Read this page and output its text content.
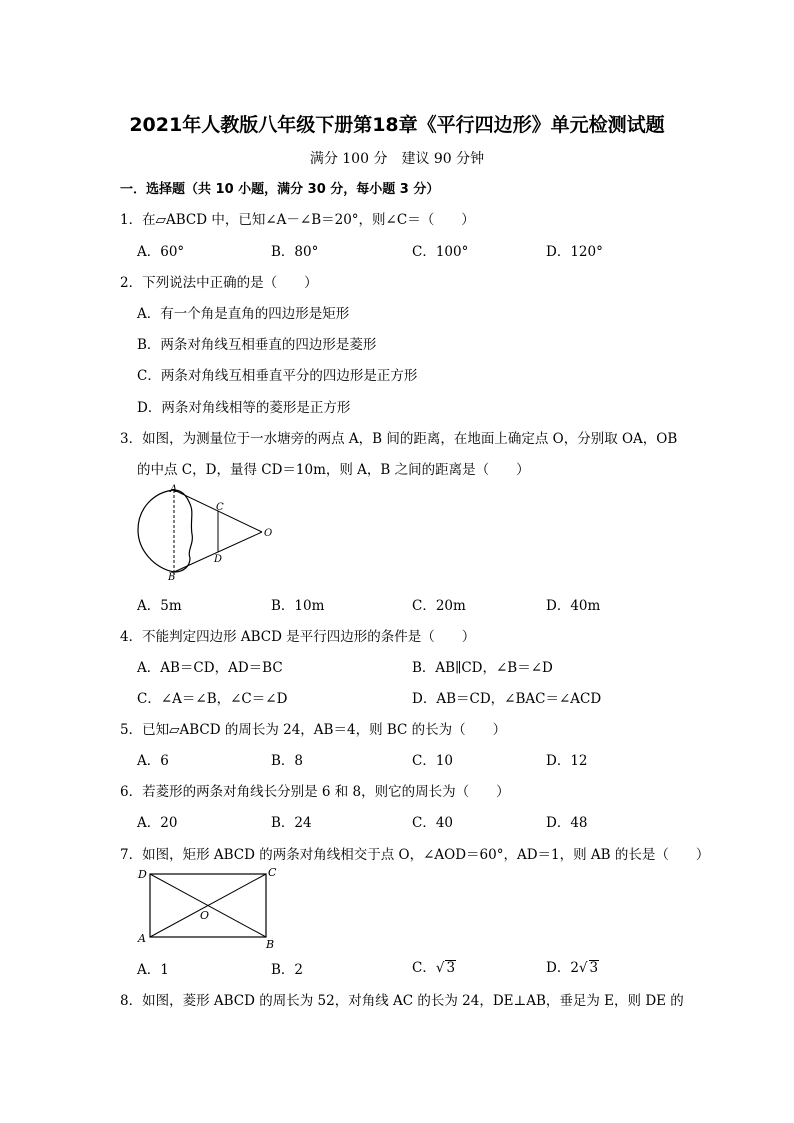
2021年人教版八年级下册第18章《平行四边形》单元检测试题
满分 100 分　建议 90 分钟
一．选择题（共 10 小题，满分 30 分，每小题 3 分）
1．在▱ABCD 中，已知∠A－∠B＝20°，则∠C＝（　　）
A．60°	B．80°	C．100°	D．120°
2．下列说法中正确的是（　　）
A．有一个角是直角的四边形是矩形
B．两条对角线互相垂直的四边形是菱形
C．两条对角线互相垂直平分的四边形是正方形
D．两条对角线相等的菱形是正方形
3．如图，为测量位于一水塘旁的两点 A，B 间的距离，在地面上确定点 O，分别取 OA，OB
的中点 C，D，量得 CD＝10m，则 A，B 之间的距离是（　　）
A
B
C
D
O
A．5m	B．10m	C．20m	D．40m
4．不能判定四边形 ABCD 是平行四边形的条件是（　　）
A．AB＝CD，AD＝BC	B．AB∥CD，∠B＝∠D
C．∠A＝∠B，∠C＝∠D	D．AB＝CD，∠BAC＝∠ACD
5．已知▱ABCD 的周长为 24，AB＝4，则 BC 的长为（　　）
A．6	B．8	C．10	D．12
6．若菱形的两条对角线长分别是 6 和 8，则它的周长为（　　）
A．20	B．24	C．40	D．48
7．如图，矩形 ABCD 的两条对角线相交于点 O，∠AOD＝60°，AD＝1，则 AB 的长是（　　）
D	C
O
A	B
A．1	B．2	C．√ 3	D．2√ 3
8．如图，菱形 ABCD 的周长为 52，对角线 AC 的长为 24，DE⊥AB，垂足为 E，则 DE 的
